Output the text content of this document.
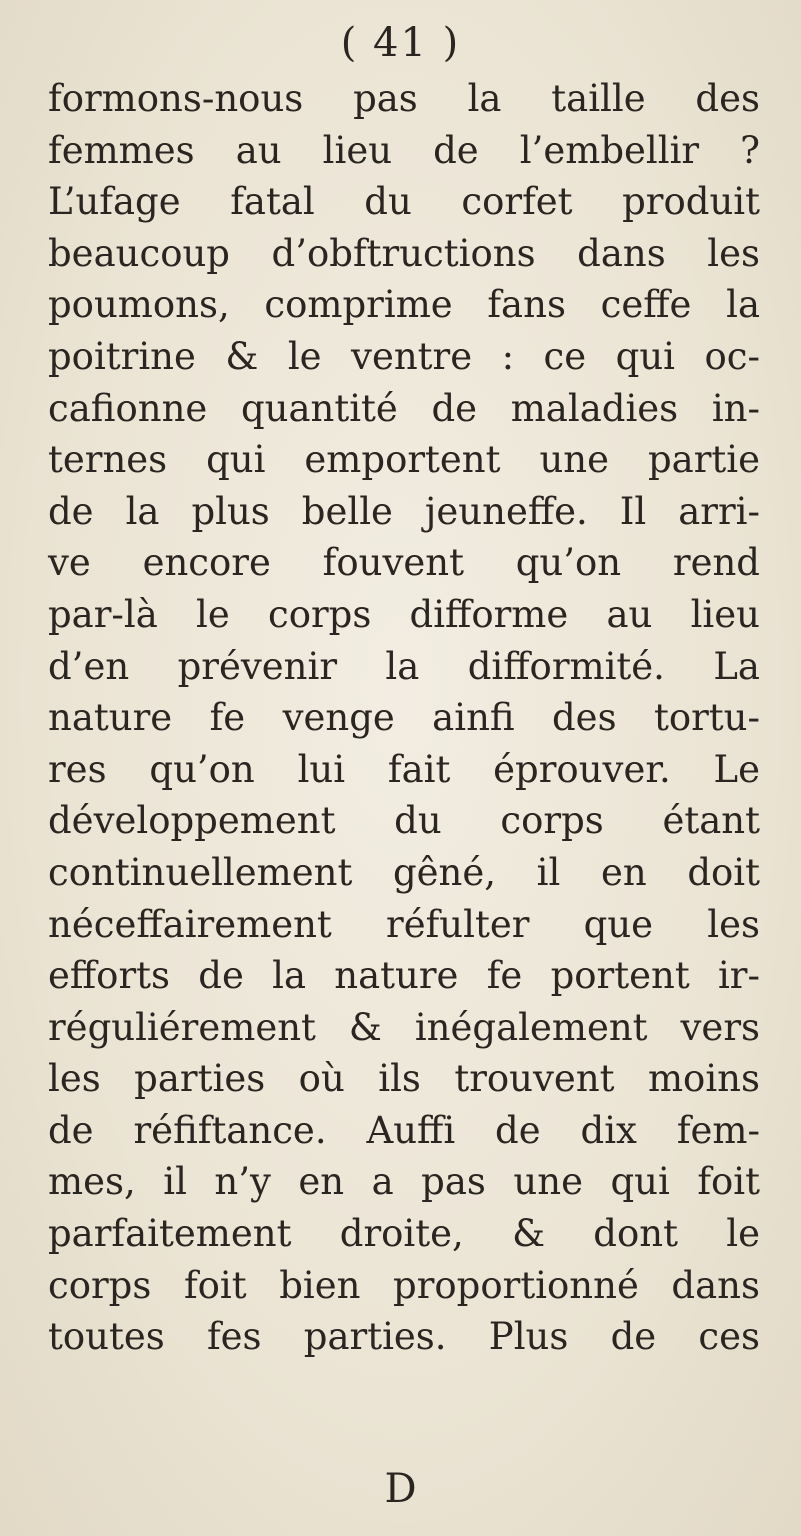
( 41 )
formons-nous pas la taille des
femmes au lieu de l’embellir ?
L’ufage fatal du corfet produit
beaucoup d’obftructions dans les
poumons, comprime fans ceffe la
poitrine & le ventre : ce qui oc-
cafionne quantité de maladies in-
ternes qui emportent une partie
de la plus belle jeuneffe. Il arri-
ve encore fouvent qu’on rend
par-là le corps difforme au lieu
d’en prévenir la difformité. La
nature fe venge ainfi des tortu-
res qu’on lui fait éprouver. Le
développement du corps étant
continuellement gêné, il en doit
néceffairement réfulter que les
efforts de la nature fe portent ir-
réguliérement & inégalement vers
les parties où ils trouvent moins
de réfiftance. Auffi de dix fem-
mes, il n’y en a pas une qui foit
parfaitement droite, & dont le
corps foit bien proportionné dans
toutes fes parties. Plus de ces
D
